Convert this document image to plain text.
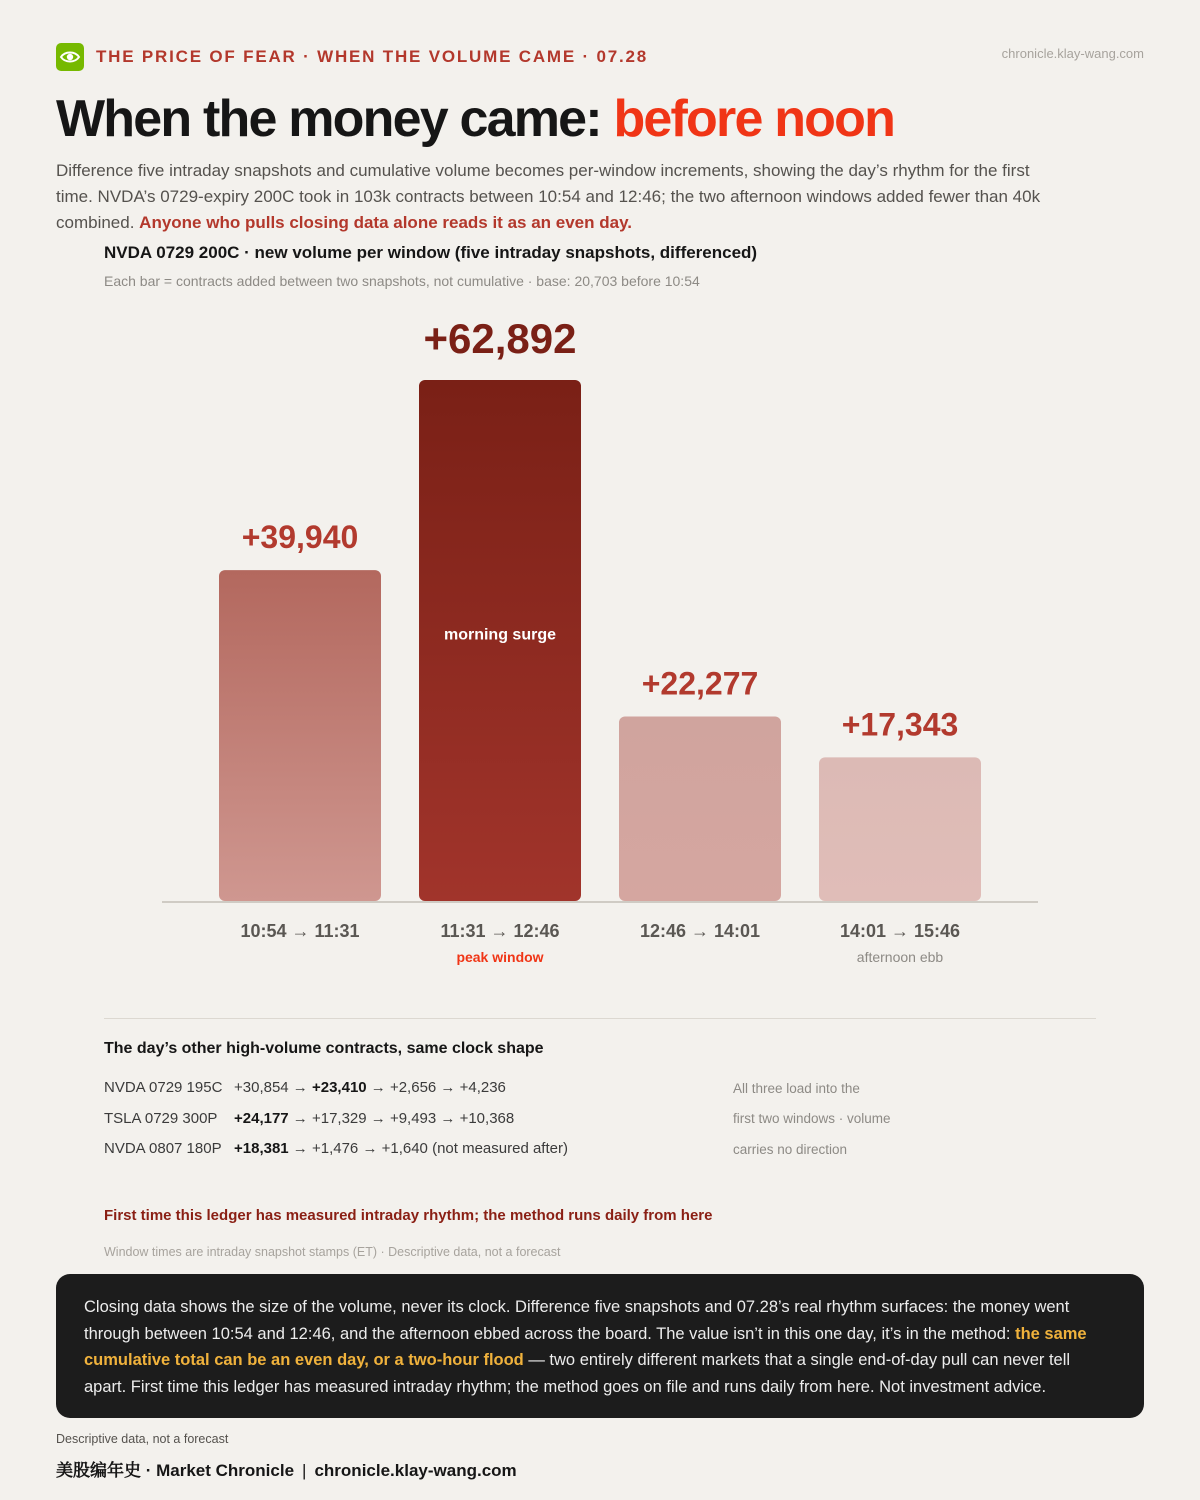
THE PRICE OF FEAR · WHEN THE VOLUME CAME · 07.28	chronicle.klay-wang.com
When the money came: before noon
Difference five intraday snapshots and cumulative volume becomes per-window increments, showing the day’s rhythm for the first time. NVDA’s 0729-expiry 200C took in 103k contracts between 10:54 and 12:46; the two afternoon windows added fewer than 40k combined. Anyone who pulls closing data alone reads it as an even day.
NVDA 0729 200C · new volume per window (five intraday snapshots, differenced)
Each bar = contracts added between two snapshots, not cumulative · base: 20,703 before 10:54
+39,940
10:54 → 11:31
+62,892
morning surge
11:31 → 12:46
peak window
+22,277
12:46 → 14:01
+17,343
14:01 → 15:46
afternoon ebb
The day’s other high-volume contracts, same clock shape
NVDA 0729 195C +30,854 → +23,410 → +2,656 → +4,236
TSLA 0729 300P +24,177 → +17,329 → +9,493 → +10,368
NVDA 0807 180P +18,381 → +1,476 → +1,640 (not measured after)
All three load into the
first two windows · volume
carries no direction
First time this ledger has measured intraday rhythm; the method runs daily from here
Window times are intraday snapshot stamps (ET) · Descriptive data, not a forecast

Closing data shows the size of the volume, never its clock. Difference five snapshots and 07.28’s real rhythm surfaces: the money went through between 10:54 and 12:46, and the afternoon ebbed across the board. The value isn’t in this one day, it’s in the method: the same cumulative total can be an even day, or a two-hour flood — two entirely different markets that a single end-of-day pull can never tell apart. First time this ledger has measured intraday rhythm; the method goes on file and runs daily from here. Not investment advice.

Descriptive data, not a forecast
美股编年史 · Market Chronicle | chronicle.klay-wang.com
